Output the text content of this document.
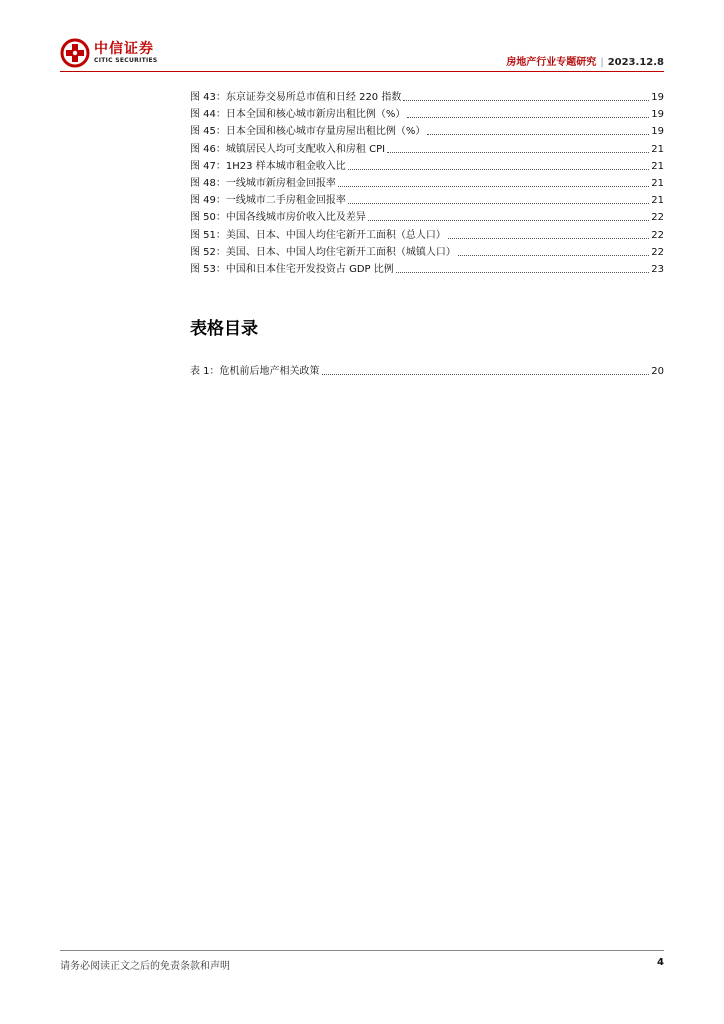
中信证券
CITIC SECURITIES	房地产行业专题研究 | 2023.12.8
图 43：东京证券交易所总市值和日经 220 指数	19
图 44：日本全国和核心城市新房出租比例（%）	19
图 45：日本全国和核心城市存量房屋出租比例（%）	19
图 46：城镇居民人均可支配收入和房租 CPI	21
图 47：1H23 样本城市租金收入比	21
图 48：一线城市新房租金回报率	21
图 49：一线城市二手房租金回报率	21
图 50：中国各线城市房价收入比及差异	22
图 51：美国、日本、中国人均住宅新开工面积（总人口）	22
图 52：美国、日本、中国人均住宅新开工面积（城镇人口）	22
图 53：中国和日本住宅开发投资占 GDP 比例	23
表格目录
表 1：危机前后地产相关政策	20
请务必阅读正文之后的免责条款和声明	4
